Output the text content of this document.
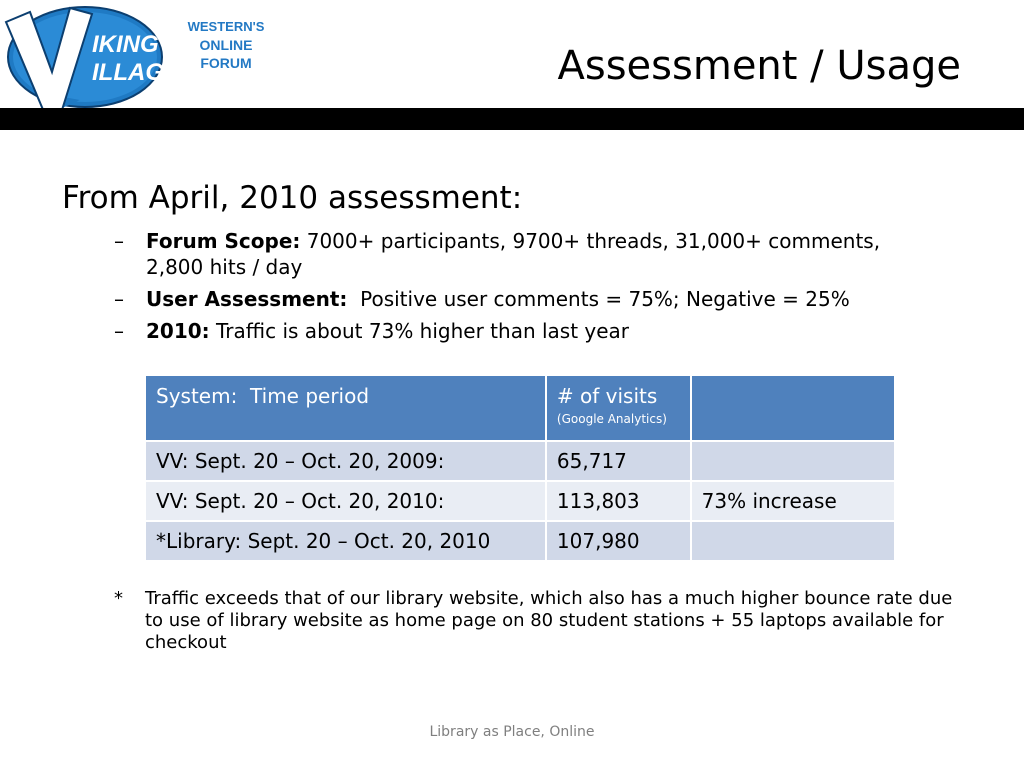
IKING
ILLAGE
WESTERN'S
ONLINE FORUM	Assessment / Usage
From April, 2010 assessment:
– Forum Scope: 7000+ participants, 9700+ threads, 31,000+ comments, 2,800 hits / day
– User Assessment:  Positive user comments = 75%; Negative = 25%
– 2010: Traffic is about 73% higher than last year
System:  Time period	# of visits
(Google Analytics)	

VV: Sept. 20 – Oct. 20, 2009:	65,717	
VV: Sept. 20 – Oct. 20, 2010:	113,803	73% increase
*Library: Sept. 20 – Oct. 20, 2010	107,980	
*	Traffic exceeds that of our library website, which also has a much higher bounce rate due to use of library website as home page on 80 student stations + 55 laptops available for checkout
Library as Place, Online
